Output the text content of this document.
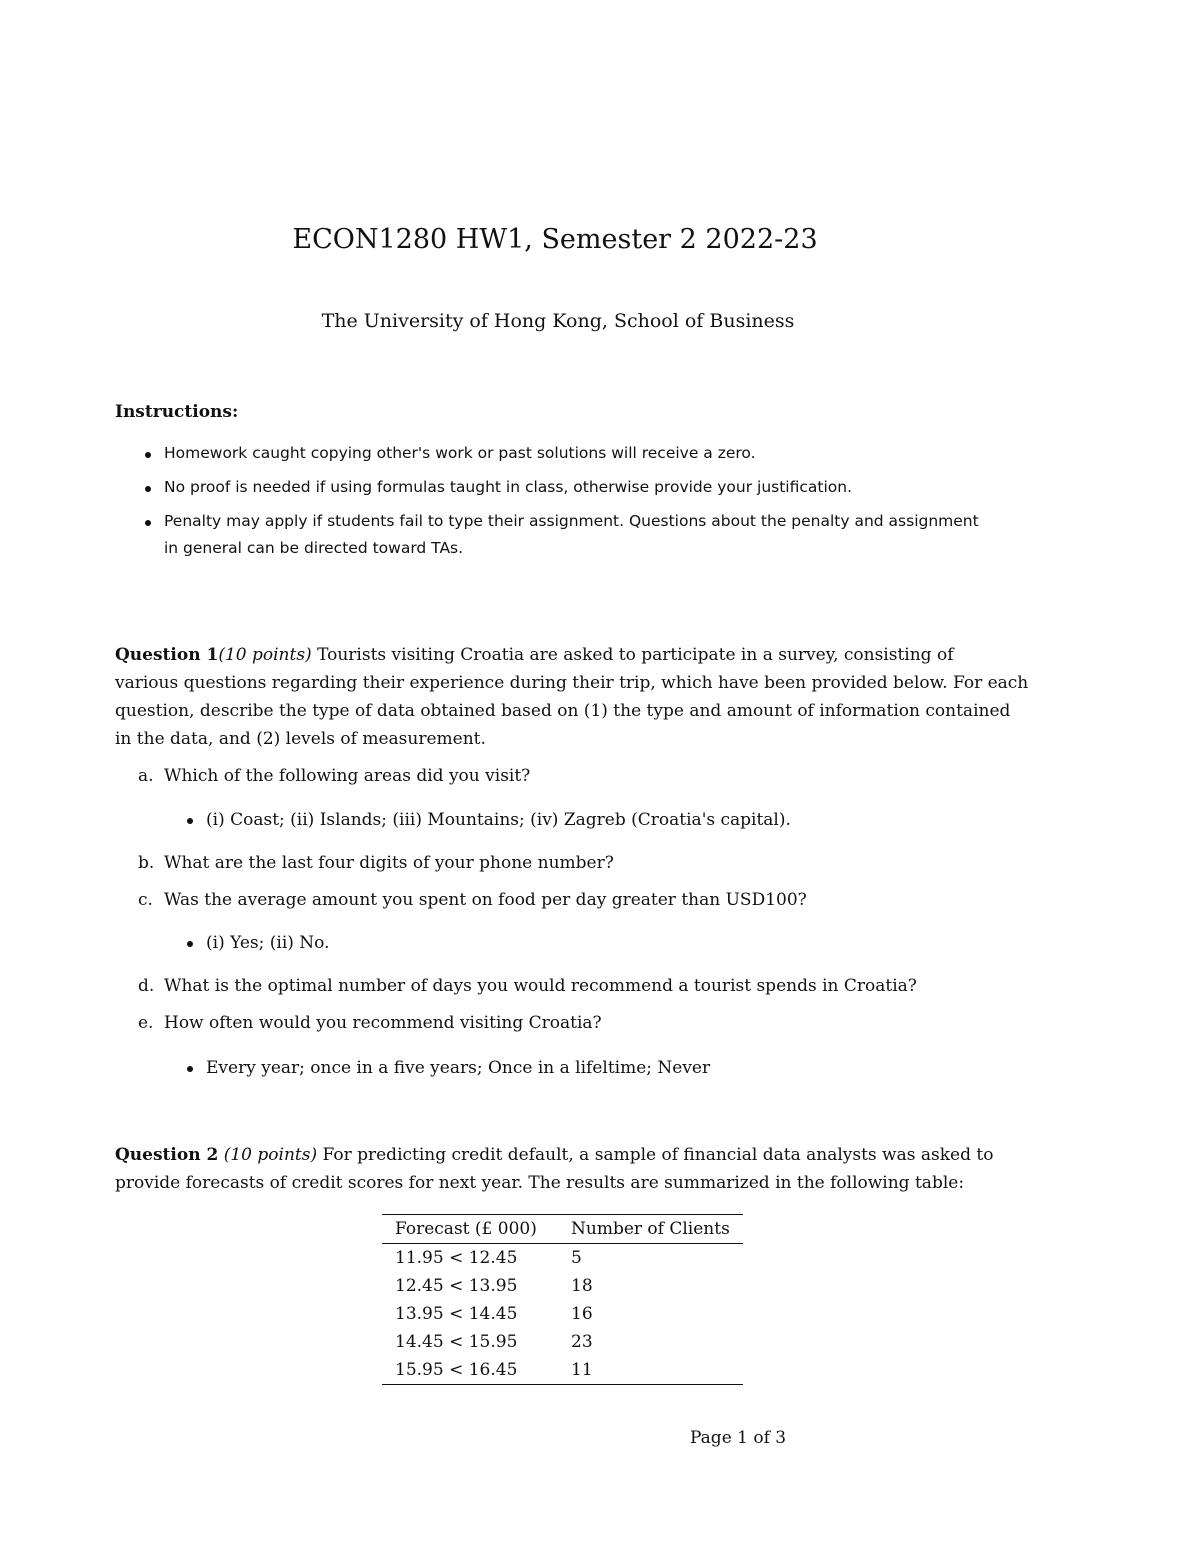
ECON1280 HW1, Semester 2 2022-23
The University of Hong Kong, School of Business
Instructions:
Homework caught copying other's work or past solutions will receive a zero.
No proof is needed if using formulas taught in class, otherwise provide your justification.
Penalty may apply if students fail to type their assignment. Questions about the penalty and assignment
in general can be directed toward TAs.
Question 1(10 points) Tourists visiting Croatia are asked to participate in a survey, consisting of
various questions regarding their experience during their trip, which have been provided below. For each
question, describe the type of data obtained based on (1) the type and amount of information contained
in the data, and (2) levels of measurement.
a. Which of the following areas did you visit?
(i) Coast; (ii) Islands; (iii) Mountains; (iv) Zagreb (Croatia's capital).
b. What are the last four digits of your phone number?
c. Was the average amount you spent on food per day greater than USD100?
(i) Yes; (ii) No.
d. What is the optimal number of days you would recommend a tourist spends in Croatia?
e. How often would you recommend visiting Croatia?
Every year; once in a five years; Once in a lifeltime; Never
Question 2 (10 points) For predicting credit default, a sample of financial data analysts was asked to
provide forecasts of credit scores for next year. The results are summarized in the following table:
Forecast (£ 000)	Number of Clients
11.95 < 12.45	5
12.45 < 13.95	18
13.95 < 14.45	16
14.45 < 15.95	23
15.95 < 16.45	11
Page 1 of 3
